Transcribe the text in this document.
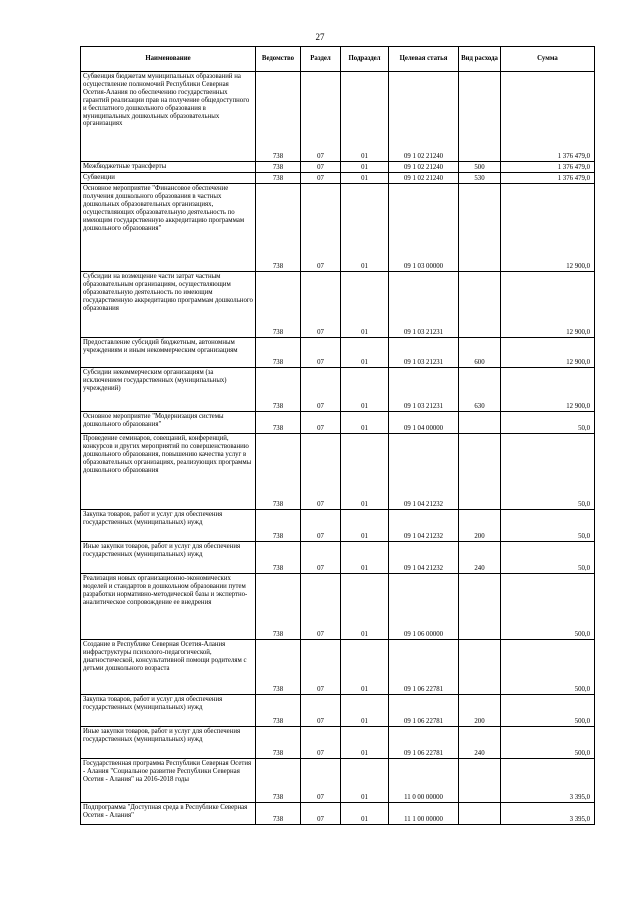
27
Наименование	Ведомство	Раздел	Подраздел	Целевая статья	Вид расхода	Сумма
Субвенция бюджетам муниципальных образований на осуществление полномочий Республики Северная Осетия-Алания по обеспечению государственных гарантий реализации прав на получение общедоступного и бесплатного дошкольного образования в муниципальных дошкольных образовательных организациях	738	07	01	09 1 02 21240		1 376 479,0
Межбюджетные трансферты	738	07	01	09 1 02 21240	500	1 376 479,0
Субвенции	738	07	01	09 1 02 21240	530	1 376 479,0
Основное мероприятие "Финансовое обеспечение получения дошкольного образования в частных дошкольных образовательных организациях, осуществляющих образовательную деятельность по имеющим государственную аккредитацию программам дошкольного образования"	738	07	01	09 1 03 00000		12 900,0
Субсидии на возмещение части затрат частным образовательным организациям, осуществляющим образовательную деятельность по имеющим государственную аккредитацию программам дошкольного образования	738	07	01	09 1 03 21231		12 900,0
Предоставление субсидий бюджетным, автономным учреждениям и иным некоммерческим организациям	738	07	01	09 1 03 21231	600	12 900,0
Субсидии некоммерческим организациям (за исключением государственных (муниципальных) учреждений)	738	07	01	09 1 03 21231	630	12 900,0
Основное мероприятие "Модернизация системы дошкольного образования"	738	07	01	09 1 04 00000		50,0
Проведение семинаров, совещаний, конференций, конкурсов и других мероприятий по совершенствованию дошкольного образования, повышению качества услуг в образовательных организациях, реализующих программы дошкольного образования	738	07	01	09 1 04 21232		50,0
Закупка товаров, работ и услуг для обеспечения государственных (муниципальных) нужд	738	07	01	09 1 04 21232	200	50,0
Иные закупки товаров, работ и услуг для обеспечения государственных (муниципальных) нужд	738	07	01	09 1 04 21232	240	50,0
Реализация новых организационно-экономических моделей и стандартов в дошкольном образовании путем разработки нормативно-методической базы и экспертно-аналитическое сопровождение ее внедрения	738	07	01	09 1 06 00000		500,0
Создание в Республике Северная Осетия-Алания инфраструктуры психолого-педагогической, диагностической, консультативной помощи родителям с детьми дошкольного возраста	738	07	01	09 1 06 22781		500,0
Закупка товаров, работ и услуг для обеспечения государственных (муниципальных) нужд	738	07	01	09 1 06 22781	200	500,0
Иные закупки товаров, работ и услуг для обеспечения государственных (муниципальных) нужд	738	07	01	09 1 06 22781	240	500,0
Государственная программа Республики Северная Осетия - Алания "Социальное развитие Республики Северная Осетия - Алания" на 2016-2018 годы	738	07	01	11 0 00 00000		3 395,0
Подпрограмма "Доступная среда в Республике Северная Осетия - Алания"	738	07	01	11 1 00 00000		3 395,0
